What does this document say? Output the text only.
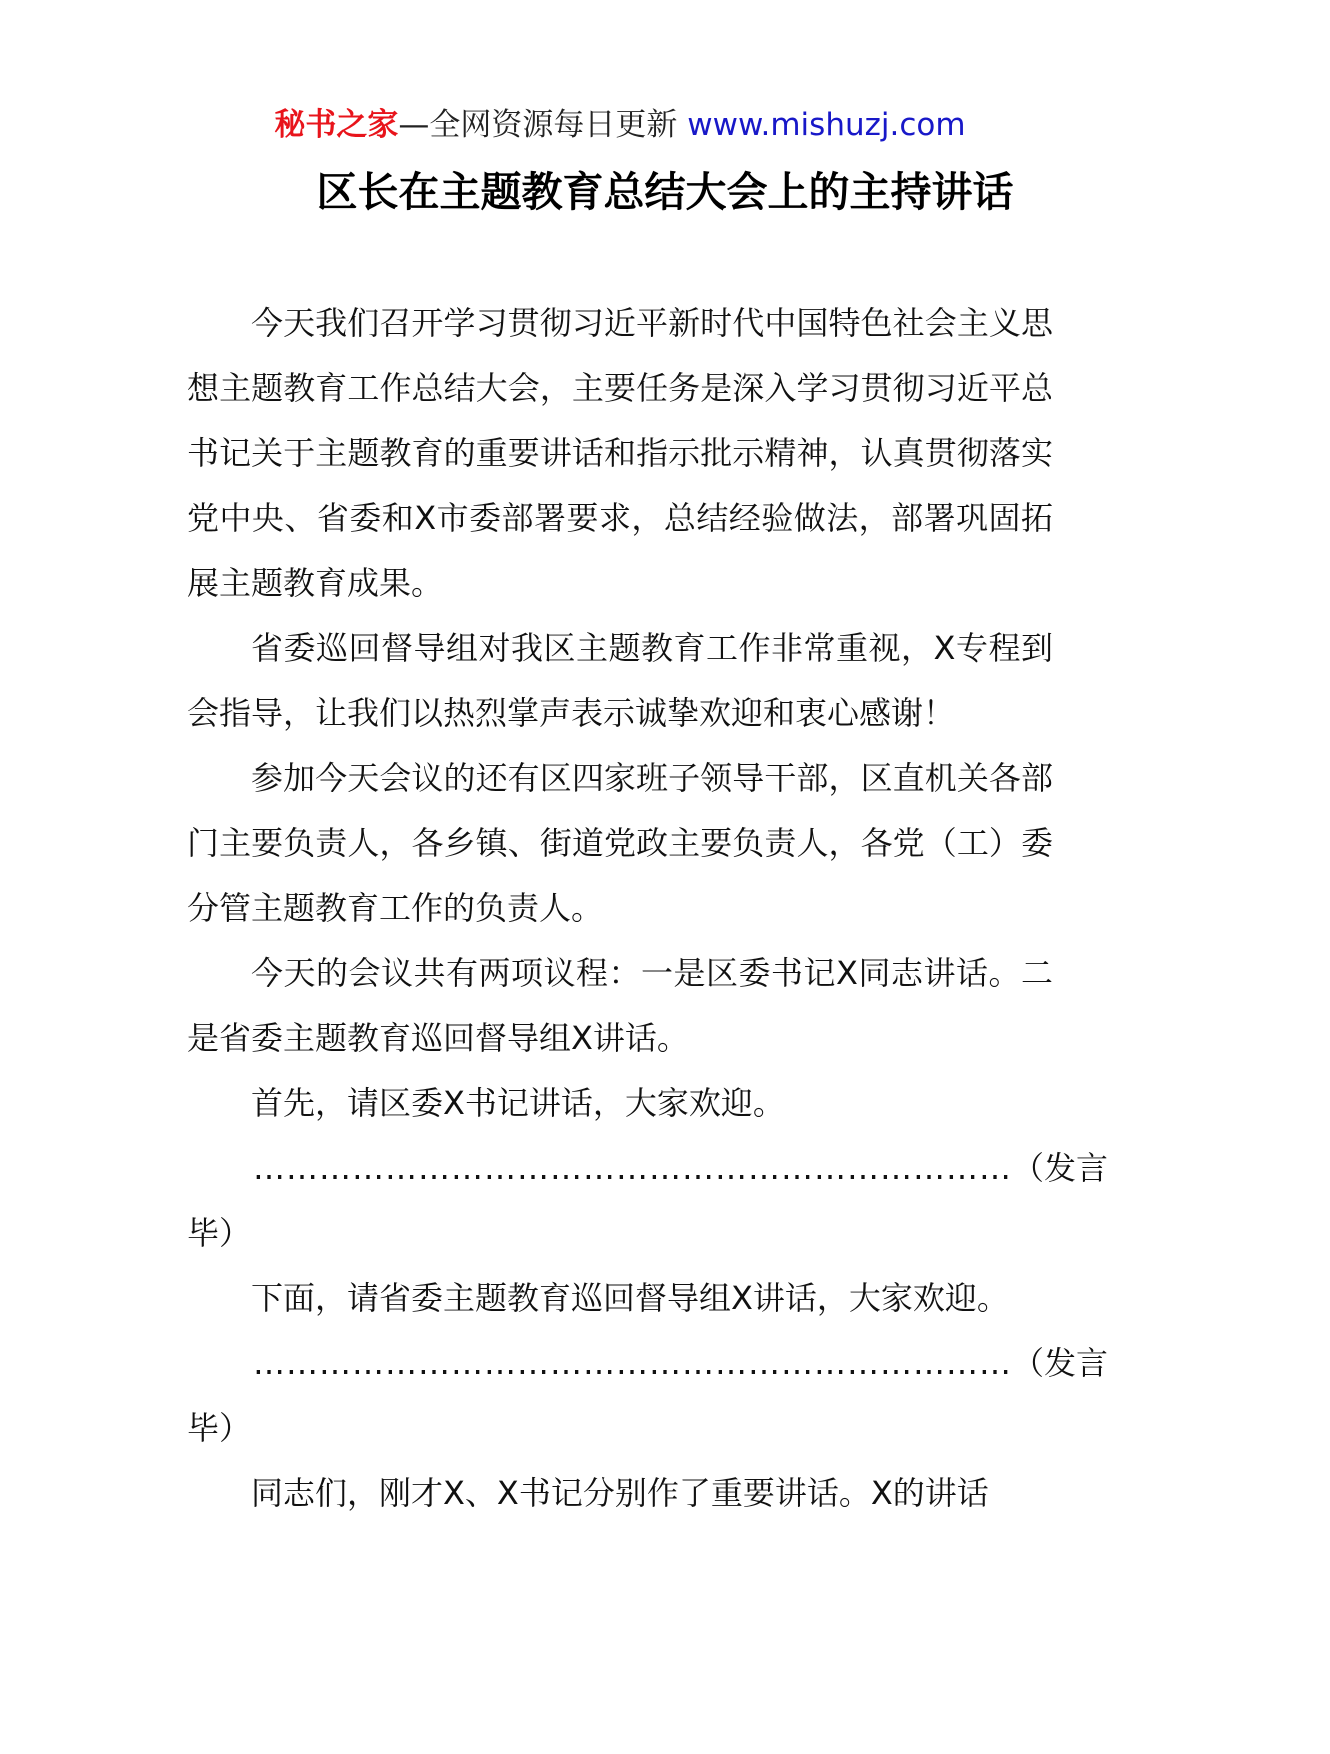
秘书之家—全网资源每日更新 www.mishuzj.com
区长在主题教育总结大会上的主持讲话

今天我们召开学习贯彻习近平新时代中国特色社会主义思想主题教育工作总结大会，主要任务是深入学习贯彻习近平总书记关于主题教育的重要讲话和指示批示精神，认真贯彻落实党中央、省委和X市委部署要求，总结经验做法，部署巩固拓展主题教育成果。

省委巡回督导组对我区主题教育工作非常重视，X专程到会指导，让我们以热烈掌声表示诚挚欢迎和衷心感谢！

参加今天会议的还有区四家班子领导干部，区直机关各部门主要负责人，各乡镇、街道党政主要负责人，各党（工）委分管主题教育工作的负责人。

今天的会议共有两项议程：一是区委书记X同志讲话。二是省委主题教育巡回督导组X讲话。

首先，请区委X书记讲话，大家欢迎。

…………………………………………………………… （ 发 言

毕）

下面，请省委主题教育巡回督导组X讲话，大家欢迎。

…………………………………………………………… （ 发 言

毕）

同志们，刚才X、X书记分别作了重要讲话。X的讲话
